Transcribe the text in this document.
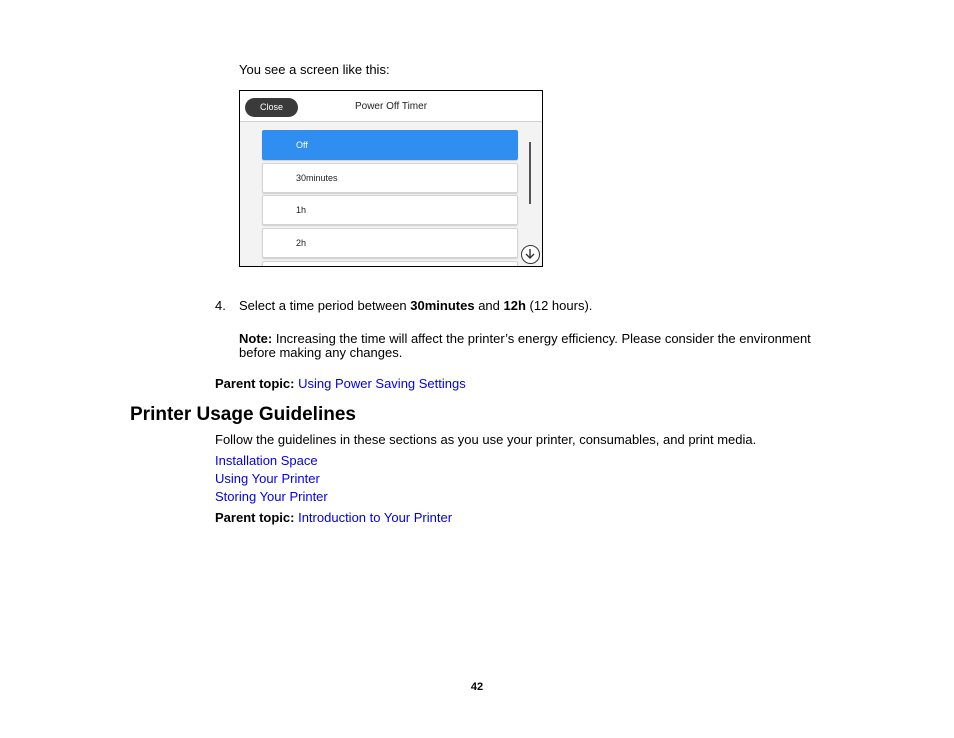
You see a screen like this:
Close	Power Off Timer
Off
30minutes
1h
2h
4. Select a time period between 30minutes and 12h (12 hours).
Note: Increasing the time will affect the printer’s energy efficiency. Please consider the environment
before making any changes.
Parent topic: Using Power Saving Settings
Printer Usage Guidelines
Follow the guidelines in these sections as you use your printer, consumables, and print media.
Installation Space
Using Your Printer
Storing Your Printer
Parent topic: Introduction to Your Printer
42
